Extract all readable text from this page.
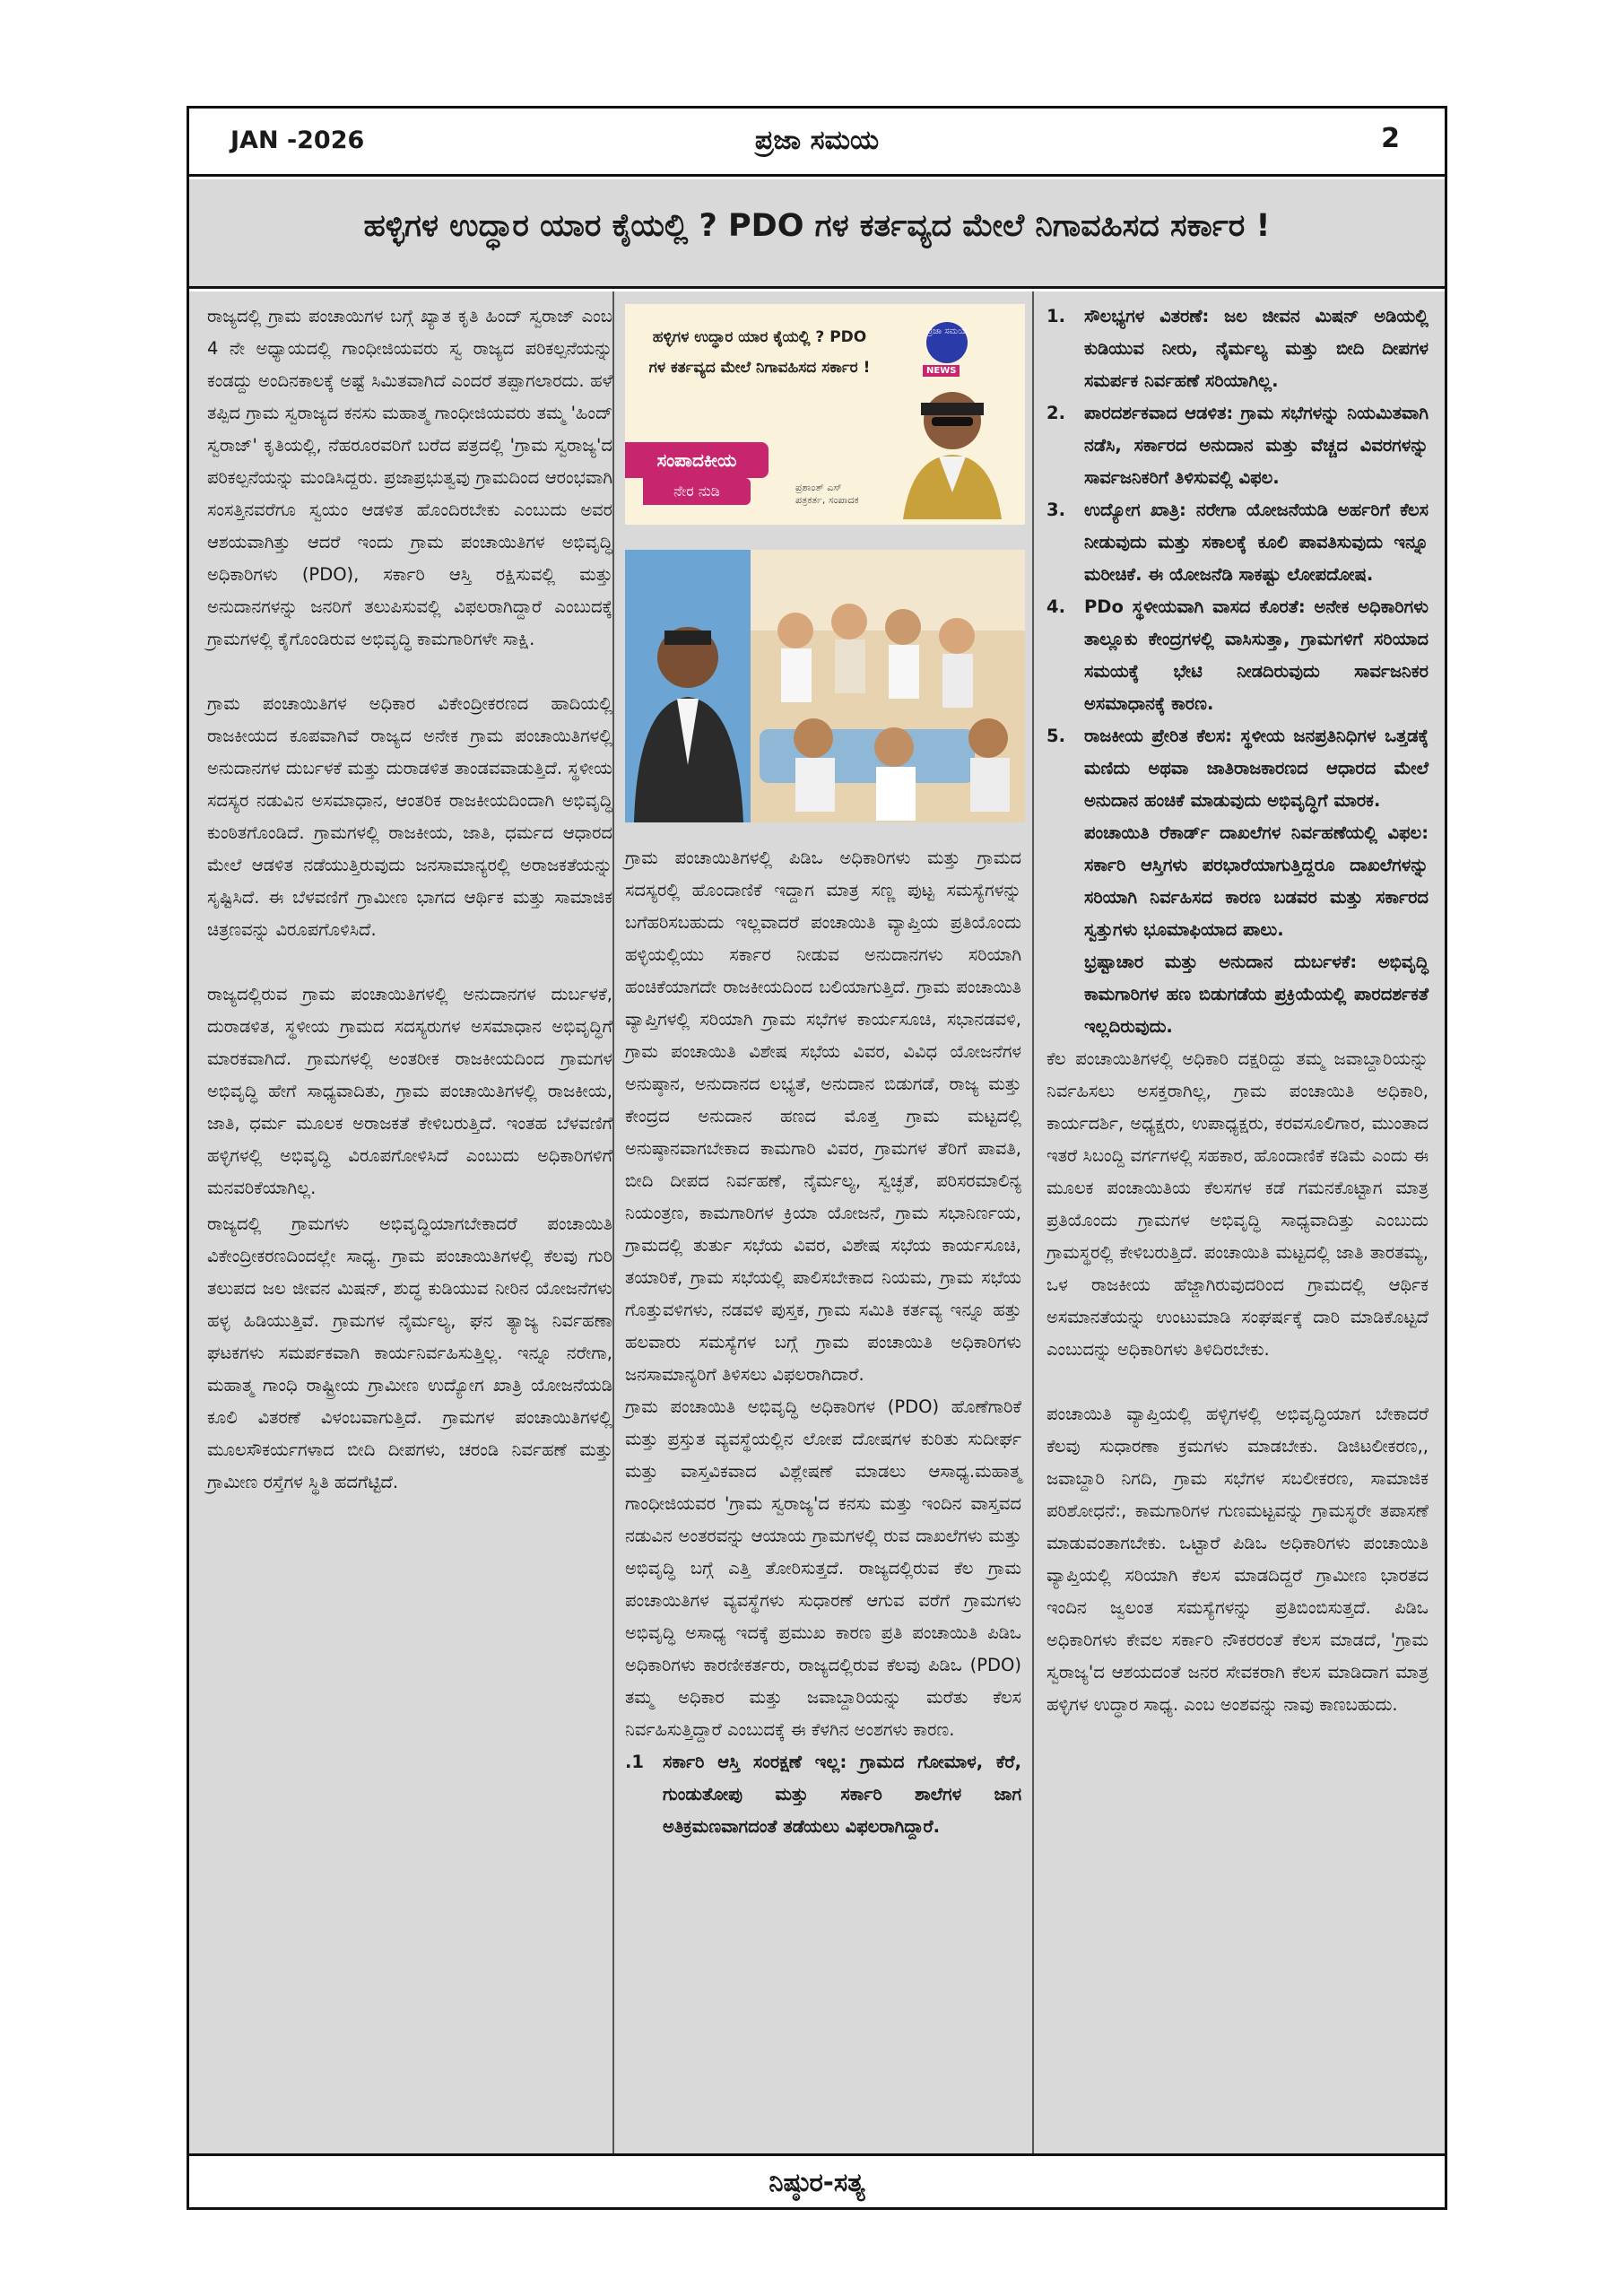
JAN -2026	ಪ್ರಜಾ ಸಮಯ	2
ಹಳ್ಳಿಗಳ ಉದ್ಧಾರ ಯಾರ ಕೈಯಲ್ಲಿ ? PDO ಗಳ ಕರ್ತವ್ಯದ ಮೇಲೆ ನಿಗಾವಹಿಸದ ಸರ್ಕಾರ !

ರಾಜ್ಯದಲ್ಲಿ ಗ್ರಾಮ ಪಂಚಾಯಿಗಳ ಬಗ್ಗೆ ಖ್ಯಾತ ಕೃತಿ ಹಿಂದ್ ಸ್ವರಾಜ್ ಎಂಬ 4 ನೇ ಅಧ್ಯಾಯದಲ್ಲಿ ಗಾಂಧೀಜಿಯವರು ಸ್ವ ರಾಜ್ಯದ ಪರಿಕಲ್ಪನೆಯನ್ನು ಕಂಡದ್ದು ಅಂದಿನಕಾಲಕ್ಕೆ ಅಷ್ಟೆ ಸಿಮಿತವಾಗಿದೆ ಎಂದರೆ ತಪ್ಪಾಗಲಾರದು. ಹಳೆ ತಪ್ಪಿದ ಗ್ರಾಮ ಸ್ವರಾಜ್ಯದ ಕನಸು ಮಹಾತ್ಮ ಗಾಂಧೀಜಿಯವರು ತಮ್ಮ 'ಹಿಂದ್ ಸ್ವರಾಜ್' ಕೃತಿಯಲ್ಲಿ, ನೆಹರೂರವರಿಗೆ ಬರೆದ ಪತ್ರದಲ್ಲಿ 'ಗ್ರಾಮ ಸ್ವರಾಜ್ಯ'ದ ಪರಿಕಲ್ಪನೆಯನ್ನು ಮಂಡಿಸಿದ್ದರು. ಪ್ರಜಾಪ್ರಭುತ್ವವು ಗ್ರಾಮದಿಂದ ಆರಂಭವಾಗಿ ಸಂಸತ್ತಿನವರೆಗೂ ಸ್ವಯಂ ಆಡಳಿತ ಹೊಂದಿರಬೇಕು ಎಂಬುದು ಅವರ ಆಶಯವಾಗಿತ್ತು ಆದರೆ ಇಂದು ಗ್ರಾಮ ಪಂಚಾಯಿತಿಗಳ ಅಭಿವೃದ್ಧಿ ಅಧಿಕಾರಿಗಳು (PDO), ಸರ್ಕಾರಿ ಆಸ್ತಿ ರಕ್ಷಿಸುವಲ್ಲಿ ಮತ್ತು ಅನುದಾನಗಳನ್ನು ಜನರಿಗೆ ತಲುಪಿಸುವಲ್ಲಿ ವಿಫಲರಾಗಿದ್ದಾರೆ ಎಂಬುದಕ್ಕೆ ಗ್ರಾಮಗಳಲ್ಲಿ ಕೈಗೊಂಡಿರುವ ಅಭಿವೃದ್ಧಿ ಕಾಮಗಾರಿಗಳೇ ಸಾಕ್ಷಿ.

ಗ್ರಾಮ ಪಂಚಾಯಿತಿಗಳ ಅಧಿಕಾರ ವಿಕೇಂದ್ರೀಕರಣದ ಹಾದಿಯಲ್ಲಿ ರಾಜಕೀಯದ ಕೂಪವಾಗಿವೆ ರಾಜ್ಯದ ಅನೇಕ ಗ್ರಾಮ ಪಂಚಾಯಿತಿಗಳಲ್ಲಿ ಅನುದಾನಗಳ ದುರ್ಬಳಕೆ ಮತ್ತು ದುರಾಡಳಿತ ತಾಂಡವವಾಡುತ್ತಿದೆ. ಸ್ಥಳೀಯ ಸದಸ್ಯರ ನಡುವಿನ ಅಸಮಾಧಾನ, ಆಂತರಿಕ ರಾಜಕೀಯದಿಂದಾಗಿ ಅಭಿವೃದ್ಧಿ ಕುಂಠಿತಗೊಂಡಿದೆ. ಗ್ರಾಮಗಳಲ್ಲಿ ರಾಜಕೀಯ, ಜಾತಿ, ಧರ್ಮದ ಆಧಾರದ ಮೇಲೆ ಆಡಳಿತ ನಡೆಯುತ್ತಿರುವುದು ಜನಸಾಮಾನ್ಯರಲ್ಲಿ ಅರಾಜಕತೆಯನ್ನು ಸೃಷ್ಟಿಸಿದೆ. ಈ ಬೆಳವಣಿಗೆ ಗ್ರಾಮೀಣ ಭಾಗದ ಆರ್ಥಿಕ ಮತ್ತು ಸಾಮಾಜಿಕ ಚಿತ್ರಣವನ್ನು ವಿರೂಪಗೊಳಿಸಿದೆ.

ರಾಜ್ಯದಲ್ಲಿರುವ ಗ್ರಾಮ ಪಂಚಾಯಿತಿಗಳಲ್ಲಿ ಅನುದಾನಗಳ ದುರ್ಬಳಕೆ, ದುರಾಡಳಿತ, ಸ್ಥಳೀಯ ಗ್ರಾಮದ ಸದಸ್ಯರುಗಳ ಅಸಮಾಧಾನ ಅಭಿವೃದ್ಧಿಗೆ ಮಾರಕವಾಗಿದೆ. ಗ್ರಾಮಗಳಲ್ಲಿ ಅಂತರೀಕ ರಾಜಕೀಯದಿಂದ ಗ್ರಾಮಗಳ ಅಭಿವೃದ್ಧಿ ಹೇಗೆ ಸಾಧ್ಯವಾದಿತು, ಗ್ರಾಮ ಪಂಚಾಯಿತಿಗಳಲ್ಲಿ ರಾಜಕೀಯ, ಜಾತಿ, ಧರ್ಮ ಮೂಲಕ ಅರಾಜಕತೆ ಕೇಳಿಬರುತ್ತಿದೆ. ಇಂತಹ ಬೆಳವಣಿಗೆ ಹಳ್ಳಿಗಳಲ್ಲಿ ಅಭಿವೃದ್ಧಿ ವಿರೂಪಗೋಳಿಸಿದೆ ಎಂಬುದು ಅಧಿಕಾರಿಗಳಿಗೆ ಮನವರಿಕೆಯಾಗಿಲ್ಲ.

ರಾಜ್ಯದಲ್ಲಿ ಗ್ರಾಮಗಳು ಅಭಿವೃದ್ಧಿಯಾಗಬೇಕಾದರೆ ಪಂಚಾಯಿತಿ ವಿಕೇಂದ್ರೀಕರಣದಿಂದಲ್ಲೇ ಸಾಧ್ಯ. ಗ್ರಾಮ ಪಂಚಾಯಿತಿಗಳಲ್ಲಿ ಕೆಲವು ಗುರಿ ತಲುಪದ ಜಲ ಜೀವನ ಮಿಷನ್, ಶುದ್ಧ ಕುಡಿಯುವ ನೀರಿನ ಯೋಜನೆಗಳು ಹಳ್ಳ ಹಿಡಿಯುತ್ತಿವೆ. ಗ್ರಾಮಗಳ ನೈರ್ಮಲ್ಯ, ಘನ ತ್ಯಾಜ್ಯ ನಿರ್ವಹಣಾ ಘಟಕಗಳು ಸಮರ್ಪಕವಾಗಿ ಕಾರ್ಯನಿರ್ವಹಿಸುತ್ತಿಲ್ಲ. ಇನ್ನೂ ನರೇಗಾ, ಮಹಾತ್ಮ ಗಾಂಧಿ ರಾಷ್ಟ್ರೀಯ ಗ್ರಾಮೀಣ ಉದ್ಯೋಗ ಖಾತ್ರಿ ಯೋಜನೆಯಡಿ ಕೂಲಿ ವಿತರಣೆ ವಿಳಂಬವಾಗುತ್ತಿದೆ. ಗ್ರಾಮಗಳ ಪಂಚಾಯಿತಿಗಳಲ್ಲಿ ಮೂಲಸೌಕರ್ಯಗಳಾದ ಬೀದಿ ದೀಪಗಳು, ಚರಂಡಿ ನಿರ್ವಹಣೆ ಮತ್ತು ಗ್ರಾಮೀಣ ರಸ್ತೆಗಳ ಸ್ಥಿತಿ ಹದಗೆಟ್ಟಿದೆ.

ಹಳ್ಳಿಗಳ ಉದ್ಧಾರ ಯಾರ ಕೈಯಲ್ಲಿ ? PDO ಗಳ ಕರ್ತವ್ಯದ ಮೇಲೆ ನಿಗಾವಹಿಸದ ಸರ್ಕಾರ !
ಪ್ರಜಾ ಸಮಯ
NEWS
ಸಂಪಾದಕೀಯ
ನೇರ ನುಡಿ	ಪ್ರಶಾಂತ್ ಎಸ್
ಪತ್ರಕರ್ತ, ಸಂಪಾದಕ

ಗ್ರಾಮ ಪಂಚಾಯಿತಿಗಳಲ್ಲಿ ಪಿಡಿಒ ಅಧಿಕಾರಿಗಳು ಮತ್ತು ಗ್ರಾಮದ ಸದಸ್ಯರಲ್ಲಿ ಹೊಂದಾಣಿಕೆ ಇದ್ದಾಗ ಮಾತ್ರ ಸಣ್ಣ ಪುಟ್ಟ ಸಮಸ್ಯೆಗಳನ್ನು ಬಗೆಹರಿಸಬಹುದು ಇಲ್ಲವಾದರೆ ಪಂಚಾಯಿತಿ ವ್ಯಾಪ್ತಿಯ ಪ್ರತಿಯೊಂದು ಹಳ್ಳಿಯಲ್ಲಿಯು ಸರ್ಕಾರ ನೀಡುವ ಅನುದಾನಗಳು ಸರಿಯಾಗಿ ಹಂಚಿಕೆಯಾಗದೇ ರಾಜಕೀಯದಿಂದ ಬಲಿಯಾಗುತ್ತಿದೆ. ಗ್ರಾಮ ಪಂಚಾಯಿತಿ ವ್ಯಾಪ್ತಿಗಳಲ್ಲಿ ಸರಿಯಾಗಿ ಗ್ರಾಮ ಸಭೆಗಳ ಕಾರ್ಯಸೂಚಿ, ಸಭಾನಡವಳಿ, ಗ್ರಾಮ ಪಂಚಾಯಿತಿ ವಿಶೇಷ ಸಭೆಯ ವಿವರ, ವಿವಿಧ ಯೋಜನೆಗಳ ಅನುಷ್ಠಾನ, ಅನುದಾನದ ಲಭ್ಯತೆ, ಅನುದಾನ ಬಿಡುಗಡೆ, ರಾಜ್ಯ ಮತ್ತು ಕೇಂದ್ರದ ಅನುದಾನ ಹಣದ ಮೊತ್ತ ಗ್ರಾಮ ಮಟ್ಟದಲ್ಲಿ ಅನುಷ್ಠಾನವಾಗಬೇಕಾದ ಕಾಮಗಾರಿ ವಿವರ, ಗ್ರಾಮಗಳ ತೆರಿಗೆ ಪಾವತಿ, ಬೀದಿ ದೀಪದ ನಿರ್ವಹಣೆ, ನೈರ್ಮಲ್ಯ, ಸ್ವಚ್ಛತೆ, ಪರಿಸರಮಾಲಿನ್ಯ ನಿಯಂತ್ರಣ, ಕಾಮಗಾರಿಗಳ ಕ್ರಿಯಾ ಯೋಜನೆ, ಗ್ರಾಮ ಸಭಾನಿರ್ಣಯ, ಗ್ರಾಮದಲ್ಲಿ ತುರ್ತು ಸಭೆಯ ವಿವರ, ವಿಶೇಷ ಸಭೆಯ ಕಾರ್ಯಸೂಚಿ, ತಯಾರಿಕೆ, ಗ್ರಾಮ ಸಭೆಯಲ್ಲಿ ಪಾಲಿಸಬೇಕಾದ ನಿಯಮ, ಗ್ರಾಮ ಸಭೆಯ ಗೊತ್ತುವಳಿಗಳು, ನಡವಳಿ ಪುಸ್ತಕ, ಗ್ರಾಮ ಸಮಿತಿ ಕರ್ತವ್ಯ ಇನ್ನೂ ಹತ್ತು ಹಲವಾರು ಸಮಸ್ಯೆಗಳ ಬಗ್ಗೆ ಗ್ರಾಮ ಪಂಚಾಯಿತಿ ಅಧಿಕಾರಿಗಳು ಜನಸಾಮಾನ್ಯರಿಗೆ ತಿಳಿಸಲು ವಿಫಲರಾಗಿದಾರೆ.

ಗ್ರಾಮ ಪಂಚಾಯಿತಿ ಅಭಿವೃದ್ಧಿ ಅಧಿಕಾರಿಗಳ (PDO) ಹೊಣೆಗಾರಿಕೆ ಮತ್ತು ಪ್ರಸ್ತುತ ವ್ಯವಸ್ಥೆಯಲ್ಲಿನ ಲೋಪ ದೋಷಗಳ ಕುರಿತು ಸುದೀರ್ಘ ಮತ್ತು ವಾಸ್ತವಿಕವಾದ ವಿಶ್ಲೇಷಣೆ ಮಾಡಲು ಆಸಾಧ್ಯ.ಮಹಾತ್ಮ ಗಾಂಧೀಜಿಯವರ 'ಗ್ರಾಮ ಸ್ವರಾಜ್ಯ'ದ ಕನಸು ಮತ್ತು ಇಂದಿನ ವಾಸ್ತವದ ನಡುವಿನ ಅಂತರವನ್ನು ಆಯಾಯ ಗ್ರಾಮಗಳಲ್ಲಿ ರುವ ದಾಖಲೆಗಳು ಮತ್ತು ಅಭಿವೃದ್ಧಿ ಬಗ್ಗೆ ಎತ್ತಿ ತೋರಿಸುತ್ತದೆ. ರಾಜ್ಯದಲ್ಲಿರುವ ಕೆಲ ಗ್ರಾಮ ಪಂಚಾಯಿತಿಗಳ ವ್ಯವಸ್ಥೆಗಳು ಸುಧಾರಣೆ ಆಗುವ ವರೆಗೆ ಗ್ರಾಮಗಳು ಅಭಿವೃದ್ಧಿ ಅಸಾಧ್ಯ ಇದಕ್ಕೆ ಪ್ರಮುಖ ಕಾರಣ ಪ್ರತಿ ಪಂಚಾಯಿತಿ ಪಿಡಿಒ ಅಧಿಕಾರಿಗಳು ಕಾರಣೀಕರ್ತರು, ರಾಜ್ಯದಲ್ಲಿರುವ ಕೆಲವು ಪಿಡಿಒ (PDO) ತಮ್ಮ ಅಧಿಕಾರ ಮತ್ತು ಜವಾಬ್ದಾರಿಯನ್ನು ಮರೆತು ಕೆಲಸ ನಿರ್ವಹಿಸುತ್ತಿದ್ದಾರೆ ಎಂಬುದಕ್ಕೆ ಈ ಕೆಳಗಿನ ಅಂಶಗಳು ಕಾರಣ.

.1 ಸರ್ಕಾರಿ ಆಸ್ತಿ ಸಂರಕ್ಷಣೆ ಇಲ್ಲ: ಗ್ರಾಮದ ಗೋಮಾಳ, ಕೆರೆ, ಗುಂಡುತೋಪು ಮತ್ತು ಸರ್ಕಾರಿ ಶಾಲೆಗಳ ಜಾಗ ಅತಿಕ್ರಮಣವಾಗದಂತೆ ತಡೆಯಲು ವಿಫಲರಾಗಿದ್ದಾರೆ.
1. ಸೌಲಭ್ಯಗಳ ವಿತರಣೆ: ಜಲ ಜೀವನ ಮಿಷನ್ ಅಡಿಯಲ್ಲಿ ಕುಡಿಯುವ ನೀರು, ನೈರ್ಮಲ್ಯ ಮತ್ತು ಬೀದಿ ದೀಪಗಳ ಸಮರ್ಪಕ ನಿರ್ವಹಣೆ ಸರಿಯಾಗಿಲ್ಲ.
2. ಪಾರದರ್ಶಕವಾದ ಆಡಳಿತ: ಗ್ರಾಮ ಸಭೆಗಳನ್ನು ನಿಯಮಿತವಾಗಿ ನಡೆಸಿ, ಸರ್ಕಾರದ ಅನುದಾನ ಮತ್ತು ವೆಚ್ಚದ ವಿವರಗಳನ್ನು ಸಾರ್ವಜನಿಕರಿಗೆ ತಿಳಿಸುವಲ್ಲಿ ವಿಫಲ.
3. ಉದ್ಯೋಗ ಖಾತ್ರಿ: ನರೇಗಾ ಯೋಜನೆಯಡಿ ಅರ್ಹರಿಗೆ ಕೆಲಸ ನೀಡುವುದು ಮತ್ತು ಸಕಾಲಕ್ಕೆ ಕೂಲಿ ಪಾವತಿಸುವುದು ಇನ್ನೂ ಮರೀಚಿಕೆ. ಈ ಯೋಜನೆಡಿ ಸಾಕಷ್ಟು ಲೋಪದೋಷ.
4. PDo ಸ್ಥಳೀಯವಾಗಿ ವಾಸದ ಕೊರತೆ: ಅನೇಕ ಅಧಿಕಾರಿಗಳು ತಾಲ್ಲೂಕು ಕೇಂದ್ರಗಳಲ್ಲಿ ವಾಸಿಸುತ್ತಾ, ಗ್ರಾಮಗಳಿಗೆ ಸರಿಯಾದ ಸಮಯಕ್ಕೆ ಭೇಟಿ ನೀಡದಿರುವುದು ಸಾರ್ವಜನಿಕರ ಅಸಮಾಧಾನಕ್ಕೆ ಕಾರಣ.
5. ರಾಜಕೀಯ ಪ್ರೇರಿತ ಕೆಲಸ: ಸ್ಥಳೀಯ ಜನಪ್ರತಿನಿಧಿಗಳ ಒತ್ತಡಕ್ಕೆ ಮಣಿದು ಅಥವಾ ಜಾತಿರಾಜಕಾರಣದ ಆಧಾರದ ಮೇಲೆ ಅನುದಾನ ಹಂಚಿಕೆ ಮಾಡುವುದು ಅಭಿವೃದ್ಧಿಗೆ ಮಾರಕ.
ಪಂಚಾಯಿತಿ ರೆಕಾರ್ಡ್ ದಾಖಲೆಗಳ ನಿರ್ವಹಣೆಯಲ್ಲಿ ವಿಫಲ: ಸರ್ಕಾರಿ ಆಸ್ತಿಗಳು ಪರಭಾರೆಯಾಗುತ್ತಿದ್ದರೂ ದಾಖಲೆಗಳನ್ನು ಸರಿಯಾಗಿ ನಿರ್ವಹಿಸದ ಕಾರಣ ಬಡವರ ಮತ್ತು ಸರ್ಕಾರದ ಸ್ವತ್ತುಗಳು ಭೂಮಾಫಿಯಾದ ಪಾಲು.
ಭ್ರಷ್ಟಾಚಾರ ಮತ್ತು ಅನುದಾನ ದುರ್ಬಳಕೆ: ಅಭಿವೃದ್ಧಿ ಕಾಮಗಾರಿಗಳ ಹಣ ಬಿಡುಗಡೆಯ ಪ್ರಕ್ರಿಯೆಯಲ್ಲಿ ಪಾರದರ್ಶಕತೆ ಇಲ್ಲದಿರುವುದು.

ಕೆಲ ಪಂಚಾಯಿತಿಗಳಲ್ಲಿ ಅಧಿಕಾರಿ ದಕ್ಷರಿದ್ದು ತಮ್ಮ ಜವಾಬ್ದಾರಿಯನ್ನು ನಿರ್ವಹಿಸಲು ಅಸಕ್ತರಾಗಿಲ್ಲ, ಗ್ರಾಮ ಪಂಚಾಯಿತಿ ಅಧಿಕಾರಿ, ಕಾರ್ಯದರ್ಶಿ, ಅಧ್ಯಕ್ಷರು, ಉಪಾಧ್ಯಕ್ಷರು, ಕರವಸೂಲಿಗಾರ, ಮುಂತಾದ ಇತರೆ ಸಿಬಂದ್ದಿ ವರ್ಗಗಳಲ್ಲಿ ಸಹಕಾರ, ಹೊಂದಾಣಿಕೆ ಕಡಿಮೆ ಎಂದು ಈ ಮೂಲಕ ಪಂಚಾಯಿತಿಯ ಕೆಲಸಗಳ ಕಡೆ ಗಮನಕೊಟ್ಟಾಗ ಮಾತ್ರ ಪ್ರತಿಯೊಂದು ಗ್ರಾಮಗಳ ಅಭಿವೃದ್ಧಿ ಸಾಧ್ಯವಾದಿತ್ತು ಎಂಬುದು ಗ್ರಾಮಸ್ಥರಲ್ಲಿ ಕೇಳಿಬರುತ್ತಿದೆ. ಪಂಚಾಯಿತಿ ಮಟ್ಟದಲ್ಲಿ ಜಾತಿ ತಾರತಮ್ಯ, ಒಳ ರಾಜಕೀಯ ಹೆಜ್ಜಾಗಿರುವುದರಿಂದ ಗ್ರಾಮದಲ್ಲಿ ಆರ್ಥಿಕ ಅಸಮಾನತೆಯನ್ನು ಉಂಟುಮಾಡಿ ಸಂಘರ್ಷಕ್ಕೆ ದಾರಿ ಮಾಡಿಕೊಟ್ಟದೆ ಎಂಬುದನ್ನು ಅಧಿಕಾರಿಗಳು ತಿಳಿದಿರಬೇಕು.

ಪಂಚಾಯಿತಿ ವ್ಯಾಪ್ತಿಯಲ್ಲಿ ಹಳ್ಳಿಗಳಲ್ಲಿ ಅಭಿವೃದ್ಧಿಯಾಗ ಬೇಕಾದರೆ ಕೆಲವು ಸುಧಾರಣಾ ಕ್ರಮಗಳು ಮಾಡಬೇಕು. ಡಿಜಿಟಲೀಕರಣ,, ಜವಾಬ್ದಾರಿ ನಿಗದಿ, ಗ್ರಾಮ ಸಭೆಗಳ ಸಬಲೀಕರಣ, ಸಾಮಾಜಿಕ ಪರಿಶೋಧನೆ:, ಕಾಮಗಾರಿಗಳ ಗುಣಮಟ್ಟವನ್ನು ಗ್ರಾಮಸ್ಥರೇ ತಪಾಸಣೆ ಮಾಡುವಂತಾಗಬೇಕು. ಒಟ್ಟಾರೆ ಪಿಡಿಒ ಅಧಿಕಾರಿಗಳು ಪಂಚಾಯಿತಿ ವ್ಯಾಪ್ತಿಯಲ್ಲಿ ಸರಿಯಾಗಿ ಕೆಲಸ ಮಾಡದಿದ್ದರೆ ಗ್ರಾಮೀಣ ಭಾರತದ ಇಂದಿನ ಜ್ವಲಂತ ಸಮಸ್ಯೆಗಳನ್ನು ಪ್ರತಿಬಿಂಬಿಸುತ್ತದೆ. ಪಿಡಿಒ ಅಧಿಕಾರಿಗಳು ಕೇವಲ ಸರ್ಕಾರಿ ನೌಕರರಂತೆ ಕೆಲಸ ಮಾಡದೆ, 'ಗ್ರಾಮ ಸ್ವರಾಜ್ಯ'ದ ಆಶಯದಂತೆ ಜನರ ಸೇವಕರಾಗಿ ಕೆಲಸ ಮಾಡಿದಾಗ ಮಾತ್ರ ಹಳ್ಳಿಗಳ ಉದ್ಧಾರ ಸಾಧ್ಯ. ಎಂಬ ಅಂಶವನ್ನು ನಾವು ಕಾಣಬಹುದು.

ನಿಷ್ಠುರ-ಸತ್ಯ
